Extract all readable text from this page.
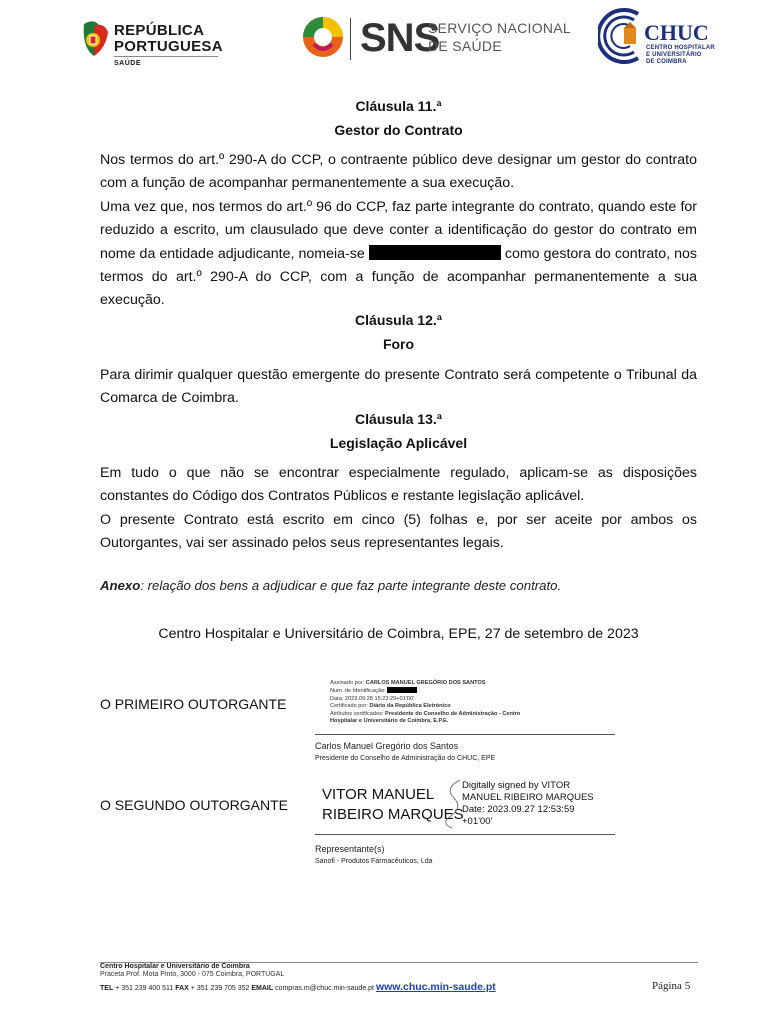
REPÚBLICA
PORTUGUESA
SAÚDE
SNS
SERVIÇO NACIONAL
DE SAÚDE
CHUC
CENTRO HOSPITALAR
E UNIVERSITÁRIO
DE COIMBRA
Cláusula 11.ª
Gestor do Contrato
Nos termos do art.º 290-A do CCP, o contraente público deve designar um gestor do contrato com a função de acompanhar permanentemente a sua execução.
Uma vez que, nos termos do art.º 96 do CCP, faz parte integrante do contrato, quando este for reduzido a escrito, um clausulado que deve conter a identificação do gestor do contrato em nome da entidade adjudicante, nomeia-se	como gestora do contrato, nos termos do art.º 290-A do CCP, com a função de acompanhar permanentemente a sua execução.
Cláusula 12.ª
Foro
Para dirimir qualquer questão emergente do presente Contrato será competente o Tribunal da Comarca de Coimbra.
Cláusula 13.ª
Legislação Aplicável
Em tudo o que não se encontrar especialmente regulado, aplicam-se as disposições constantes do Código dos Contratos Públicos e restante legislação aplicável.
O presente Contrato está escrito em cinco (5) folhas e, por ser aceite por ambos os Outorgantes, vai ser assinado pelos seus representantes legais.
Anexo: relação dos bens a adjudicar e que faz parte integrante deste contrato.
Centro Hospitalar e Universitário de Coimbra, EPE, 27 de setembro de 2023
O PRIMEIRO OUTORGANTE
Assinado por: CARLOS MANUEL GREGÓRIO DOS SANTOS
Num. de Identificação:
Data: 2023.09.28 15:23:29+01'00'
Certificado por: Diário da República Eletrónico
Atributos certificados: Presidente do Conselho de Administração - Centro Hospitalar e Universitário de Coimbra, E.P.E.
Carlos Manuel Gregório dos Santos
Presidente do Conselho de Administração do CHUC, EPE
O SEGUNDO OUTORGANTE
VITOR MANUEL
RIBEIRO MARQUES
Digitally signed by VITOR
MANUEL RIBEIRO MARQUES
Date: 2023.09.27 12:53:59
+01'00'
Representante(s)
Sanofi - Produtos Farmacêuticos, Lda
Centro Hospitalar e Universitário de Coimbra
Praceta Prof. Mota Pinto, 3000 - 075 Coimbra, PORTUGAL
TEL + 351 239 400 511 FAX + 351 239 705 352 EMAIL compras.m@chuc.min-saude.pt www.chuc.min-saude.pt	Página 5
